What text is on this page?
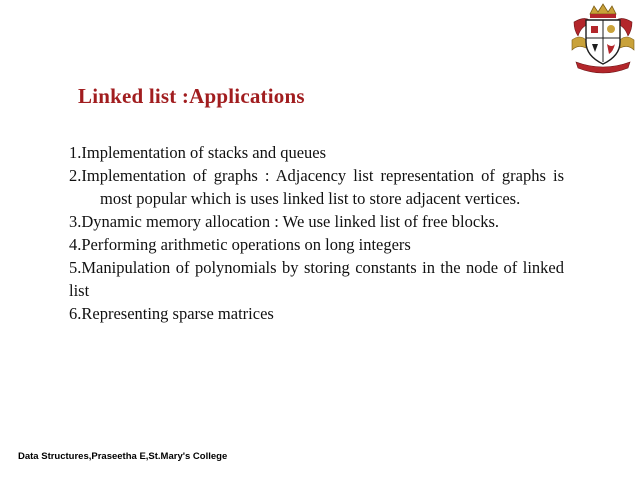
Linked list :Applications

1.Implementation of stacks and queues

2.Implementation of graphs : Adjacency list representation of graphs is most popular which is uses linked list to store adjacent vertices.

3.Dynamic memory allocation : We use linked list of free blocks.

4.Performing arithmetic operations on long integers

5.Manipulation of polynomials by storing constants in the node of linked list

6.Representing sparse matrices

Data Structures,Praseetha E,St.Mary's College
